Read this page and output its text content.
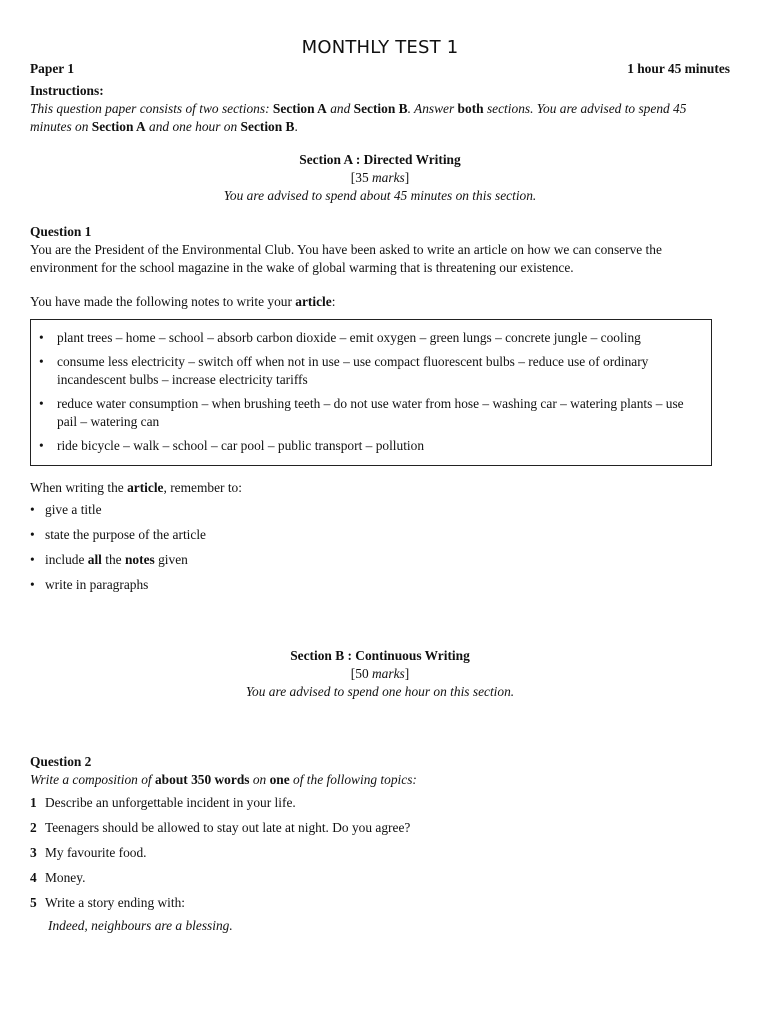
MONTHLY TEST 1
Paper 1	1 hour 45 minutes

Instructions:

This question paper consists of two sections: Section A and Section B. Answer both sections. You are advised to spend 45 minutes on Section A and one hour on Section B.

Section A : Directed Writing

[35 marks]

You are advised to spend about 45 minutes on this section.

Question 1

You are the President of the Environmental Club. You have been asked to write an article on how we can conserve the environment for the school magazine in the wake of global warming that is threatening our existence.

You have made the following notes to write your article:

• plant trees – home – school – absorb carbon dioxide – emit oxygen – green lungs – concrete jungle – cooling
• consume less electricity – switch off when not in use – use compact fluorescent bulbs – reduce use of ordinary incandescent bulbs – increase electricity tariffs
• reduce water consumption – when brushing teeth – do not use water from hose – washing car – watering plants – use pail – watering can
• ride bicycle – walk – school – car pool – public transport – pollution

When writing the article, remember to:

• give a title
• state the purpose of the article
• include all the notes given
• write in paragraphs

Section B : Continuous Writing

[50 marks]

You are advised to spend one hour on this section.

Question 2

Write a composition of about 350 words on one of the following topics:

1 Describe an unforgettable incident in your life.
2 Teenagers should be allowed to stay out late at night. Do you agree?
3 My favourite food.
4 Money.
5 Write a story ending with:

Indeed, neighbours are a blessing.
